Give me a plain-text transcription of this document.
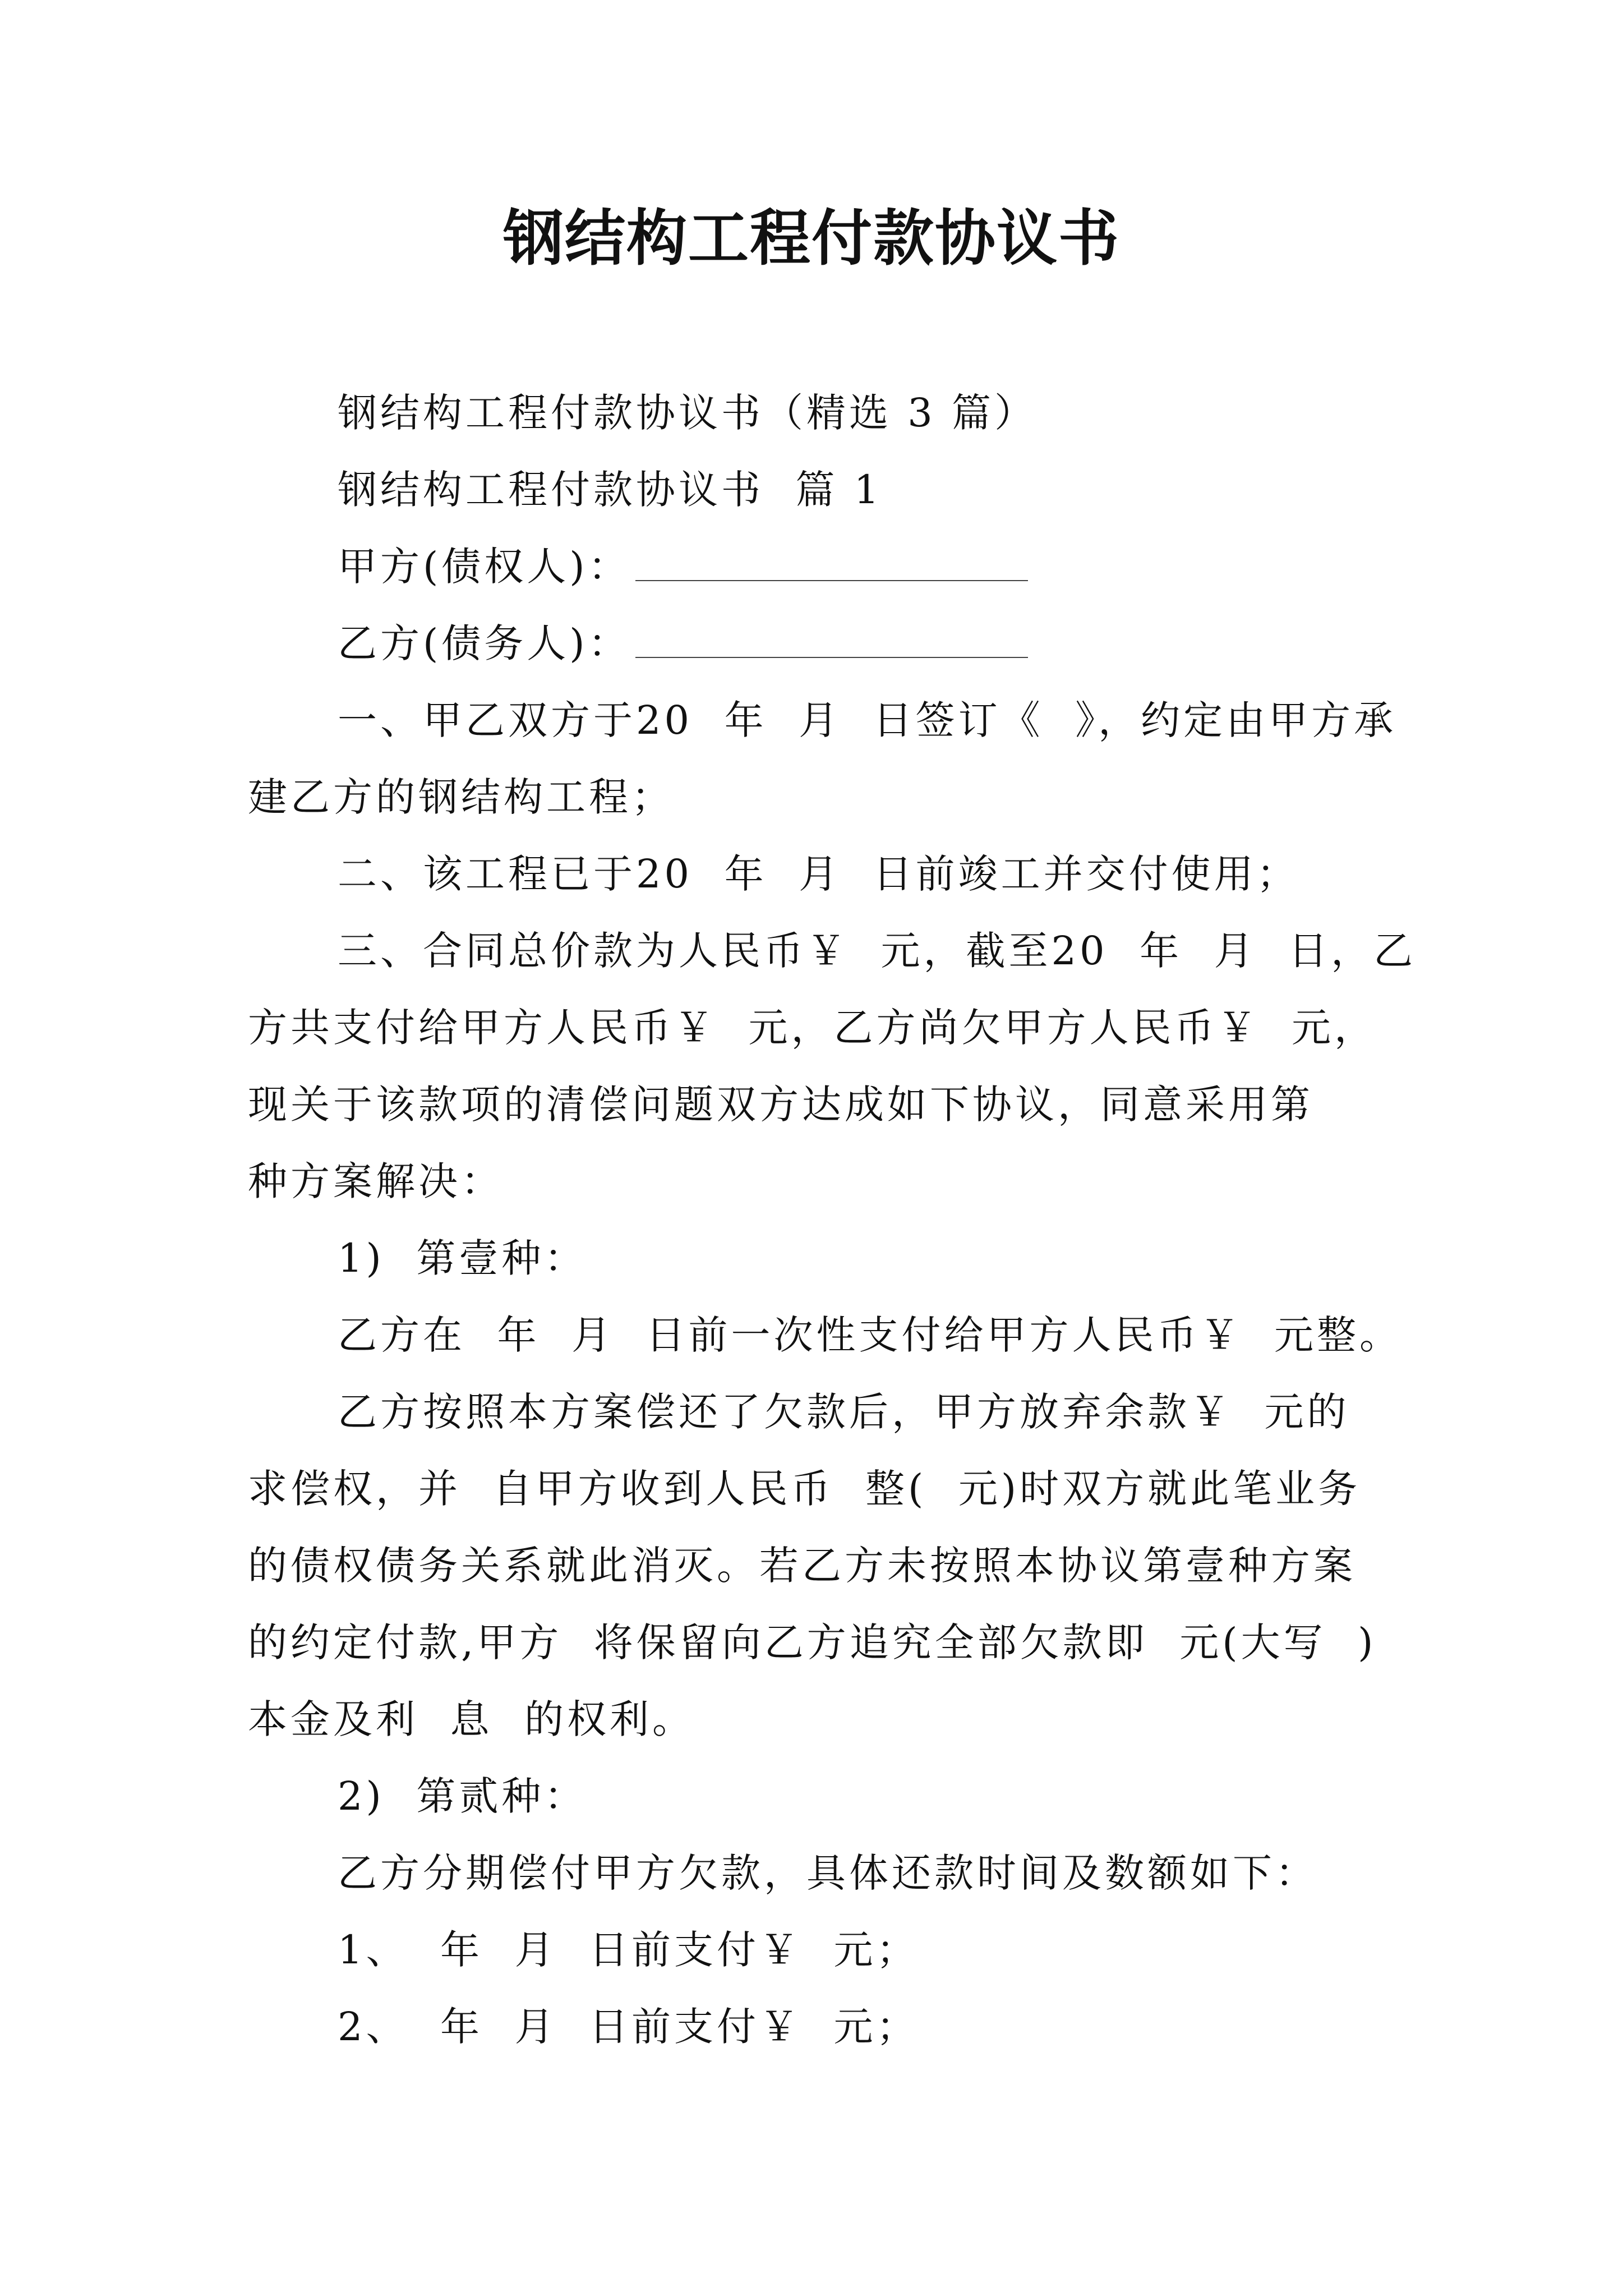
钢结构工程付款协议书

钢结构工程付款协议书（精选 3 篇）

钢结构工程付款协议书  篇 1

甲方(债权人)：

乙方(债务人)：

一、甲乙双方于20  年  月  日签订《  》，约定由甲方承
建乙方的钢结构工程；

二、该工程已于20  年  月  日前竣工并交付使用；

三、合同总价款为人民币￥  元，截至20  年  月  日，乙
方共支付给甲方人民币￥  元，乙方尚欠甲方人民币￥  元，
现关于该款项的清偿问题双方达成如下协议，同意采用第
种方案解决：

1)  第壹种：

乙方在  年  月  日前一次性支付给甲方人民币￥  元整。

乙方按照本方案偿还了欠款后，甲方放弃余款￥  元的
求偿权，并  自甲方收到人民币  整(  元)时双方就此笔业务
的债权债务关系就此消灭。若乙方未按照本协议第壹种方案
的约定付款,甲方  将保留向乙方追究全部欠款即  元(大写  )
本金及利  息  的权利。

2)  第贰种：

乙方分期偿付甲方欠款，具体还款时间及数额如下：

1、  年  月  日前支付￥  元；

2、  年  月  日前支付￥  元；
